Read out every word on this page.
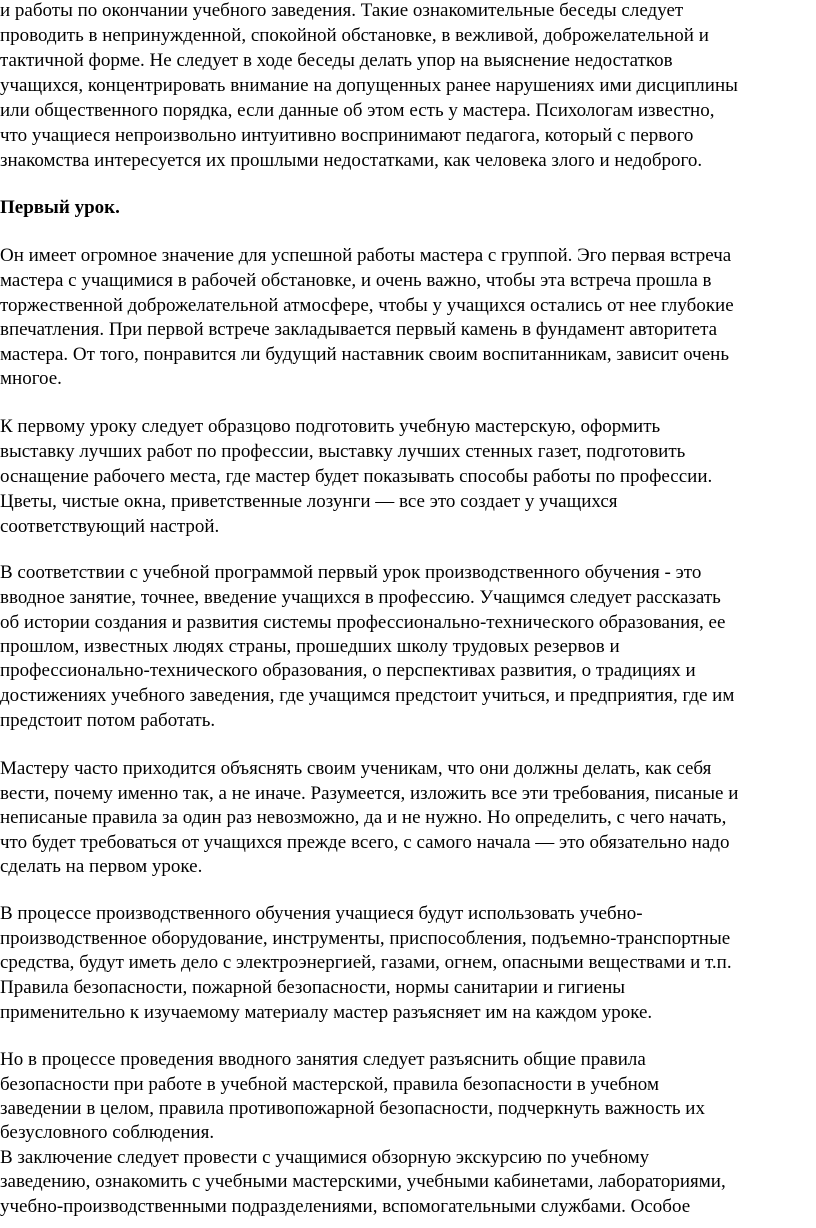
и работы по окончании учебного заведения. Такие ознакомительные беседы следует
проводить в непринужденной, спокойной обстановке, в вежливой, доброжелательной и
тактичной форме. Не следует в ходе беседы делать упор на выяснение недостатков
учащихся, концентрировать внимание на допущенных ранее нарушениях ими дисциплины
или общественного порядка, если данные об этом есть у мастера. Психологам известно,
что учащиеся непроизвольно интуитивно воспринимают педагога, который с первого
знакомства интересуется их прошлыми недостатками, как человека злого и недоброго.
Первый урок.
Он имеет огромное значение для успешной работы мастера с группой. Эго первая встреча
мастера с учащимися в рабочей обстановке, и очень важно, чтобы эта встреча прошла в
торжественной доброжелательной атмосфере, чтобы у учащихся остались от нее глубокие
впечатления. При первой встрече закладывается первый камень в фундамент авторитета
мастера. От того, понравится ли будущий наставник своим воспитанникам, зависит очень
многое.
К первому уроку следует образцово подготовить учебную мастерскую, оформить
выставку лучших работ по профессии, выставку лучших стенных газет, подготовить
оснащение рабочего места, где мастер будет показывать способы работы по профессии.
Цветы, чистые окна, приветственные лозунги — все это создает у учащихся
соответствующий настрой.
В соответствии с учебной программой первый урок производственного обучения - это
вводное занятие, точнее, введение учащихся в профессию. Учащимся следует рассказать
об истории создания и развития системы профессионально-технического образования, ее
прошлом, известных людях страны, прошедших школу трудовых резервов и
профессионально-технического образования, о перспективах развития, о традициях и
достижениях учебного заведения, где учащимся предстоит учиться, и предприятия, где им
предстоит потом работать.
Мастеру часто приходится объяснять своим ученикам, что они должны делать, как себя
вести, почему именно так, а не иначе. Разумеется, изложить все эти требования, писаные и
неписаные правила за один раз невозможно, да и не нужно. Но определить, с чего начать,
что будет требоваться от учащихся прежде всего, с самого начала — это обязательно надо
сделать на первом уроке.
В процессе производственного обучения учащиеся будут использовать учебно-
производственное оборудование, инструменты, приспособления, подъемно-транспортные
средства, будут иметь дело с электроэнергией, газами, огнем, опасными веществами и т.п.
Правила безопасности, пожарной безопасности, нормы санитарии и гигиены
применительно к изучаемому материалу мастер разъясняет им на каждом уроке.
Но в процессе проведения вводного занятия следует разъяснить общие правила
безопасности при работе в учебной мастерской, правила безопасности в учебном
заведении в целом, правила противопожарной безопасности, подчеркнуть важность их
безусловного соблюдения.
В заключение следует провести с учащимися обзорную экскурсию по учебному
заведению, ознакомить с учебными мастерскими, учебными кабинетами, лабораториями,
учебно-производственными подразделениями, вспомогательными службами. Особое
